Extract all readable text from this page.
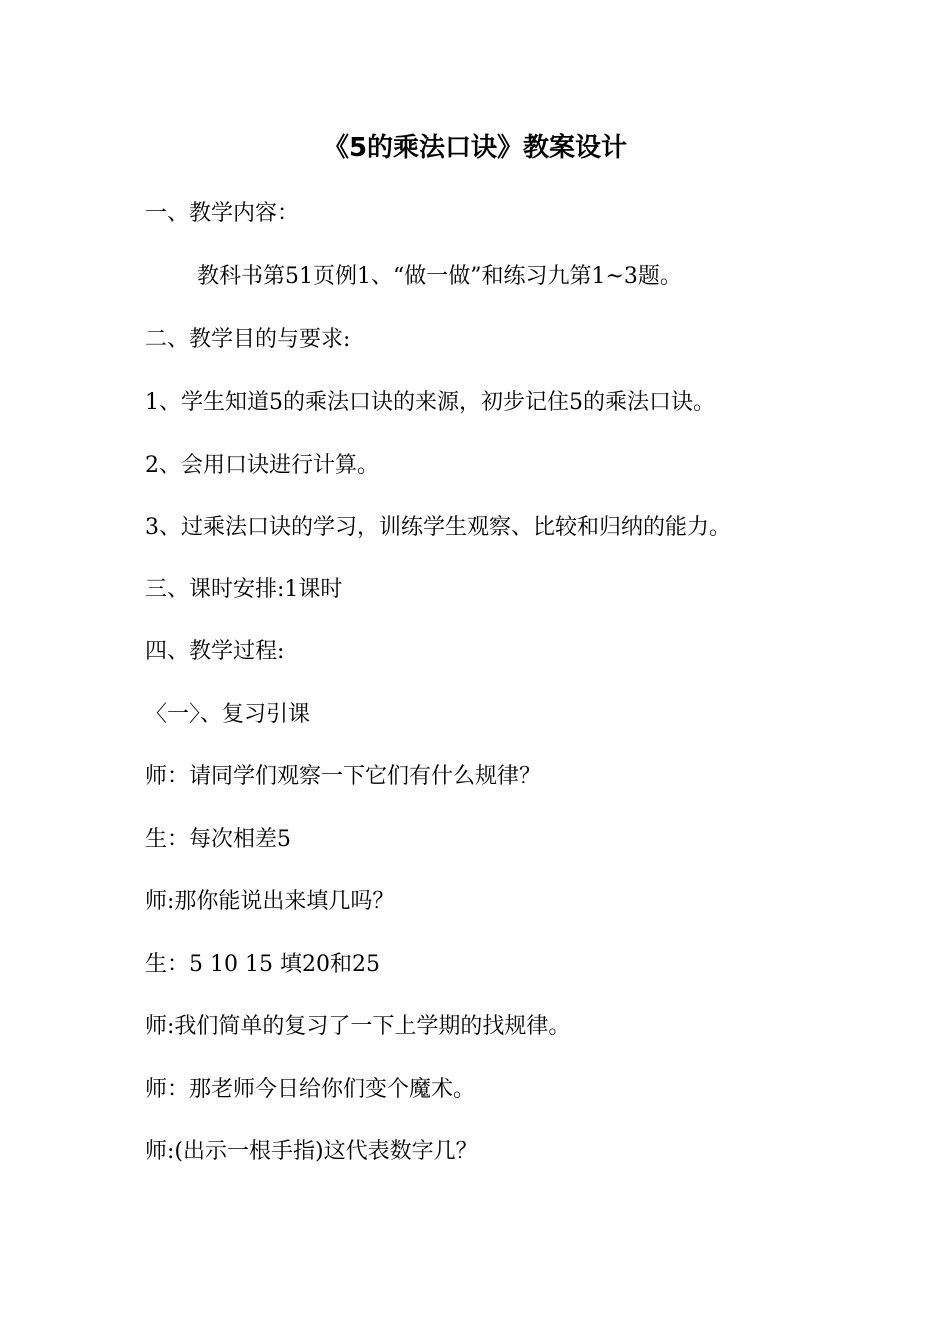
《5的乘法口诀》教案设计
一、教学内容：
教科书第51页例1、“做一做”和练习九第1~3题。
二、教学目的与要求:
1、学生知道5的乘法口诀的来源，初步记住5的乘法口诀。
2、会用口诀进行计算。
3、过乘法口诀的学习，训练学生观察、比较和归纳的能力。
三、课时安排:1课时
四、教学过程:
〈一〉、复习引课
师：请同学们观察一下它们有什么规律？
生：每次相差5
师:那你能说出来填几吗？
生：5 10 15 填20和25
师:我们简单的复习了一下上学期的找规律。
师：那老师今日给你们变个魔术。
师:(出示一根手指)这代表数字几？
